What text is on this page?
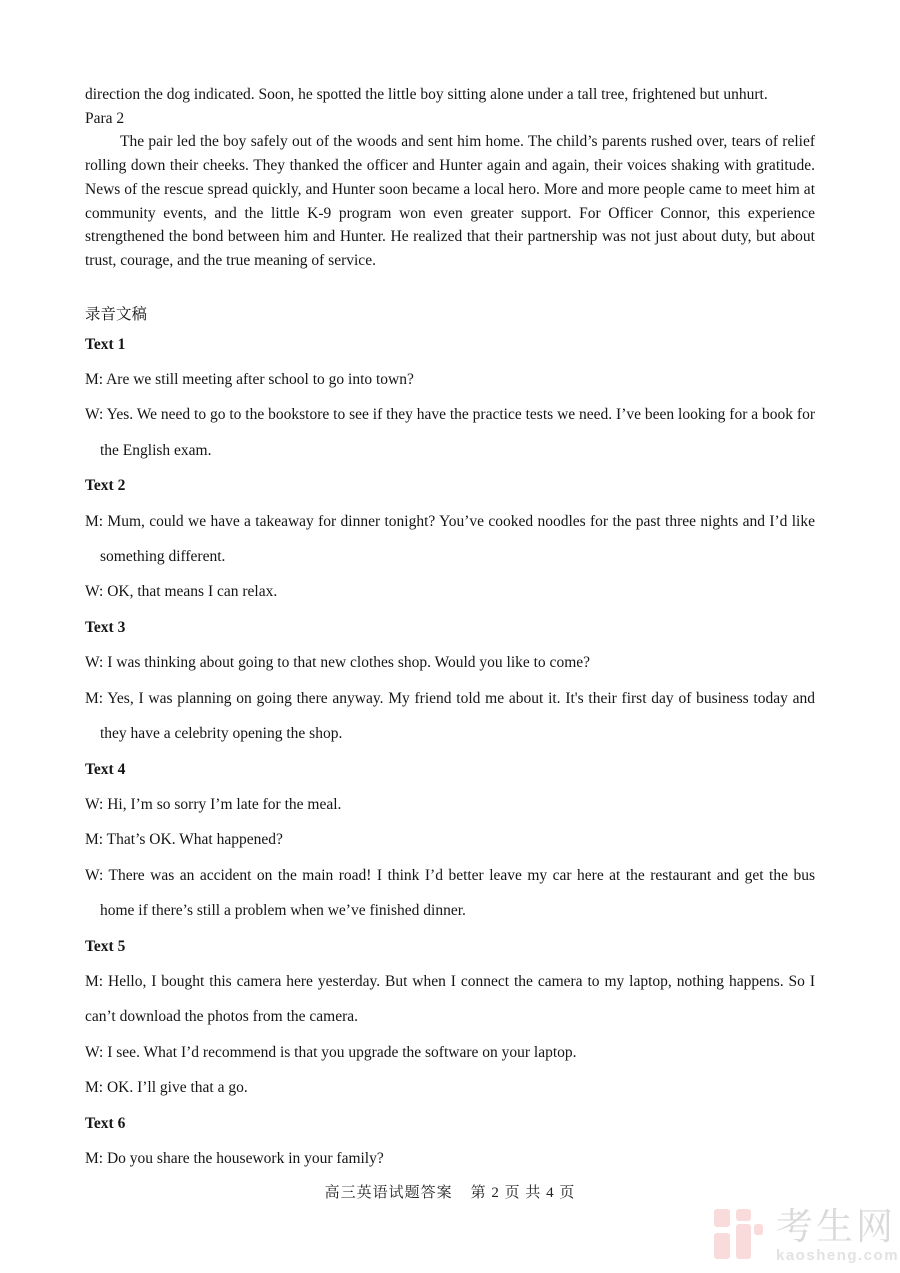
direction the dog indicated. Soon, he spotted the little boy sitting alone under a tall tree, frightened but unhurt.
Para 2

The pair led the boy safely out of the woods and sent him home. The child’s parents rushed over, tears of relief rolling down their cheeks. They thanked the officer and Hunter again and again, their voices shaking with gratitude. News of the rescue spread quickly, and Hunter soon became a local hero. More and more people came to meet him at community events, and the little K-9 program won even greater support. For Officer Connor, this experience strengthened the bond between him and Hunter. He realized that their partnership was not just about duty, but about trust, courage, and the true meaning of service.

录音文稿
Text 1
M: Are we still meeting after school to go into town?
W: Yes. We need to go to the bookstore to see if they have the practice tests we need. I’ve been looking for a book for the English exam.
Text 2
M: Mum, could we have a takeaway for dinner tonight? You’ve cooked noodles for the past three nights and I’d like something different.
W: OK, that means I can relax.
Text 3
W: I was thinking about going to that new clothes shop. Would you like to come?
M: Yes, I was planning on going there anyway. My friend told me about it. It's their first day of business today and they have a celebrity opening the shop.
Text 4
W: Hi, I’m so sorry I’m late for the meal.
M: That’s OK. What happened?
W: There was an accident on the main road! I think I’d better leave my car here at the restaurant and get the bus home if there’s still a problem when we’ve finished dinner.
Text 5
M: Hello, I bought this camera here yesterday. But when I connect the camera to my laptop, nothing happens. So I can’t download the photos from the camera.
W: I see. What I’d recommend is that you upgrade the software on your laptop.
M: OK. I’ll give that a go.
Text 6
M: Do you share the housework in your family?
高三英语试题答案 第 2 页 共 4 页
考生网
kaosheng.com
